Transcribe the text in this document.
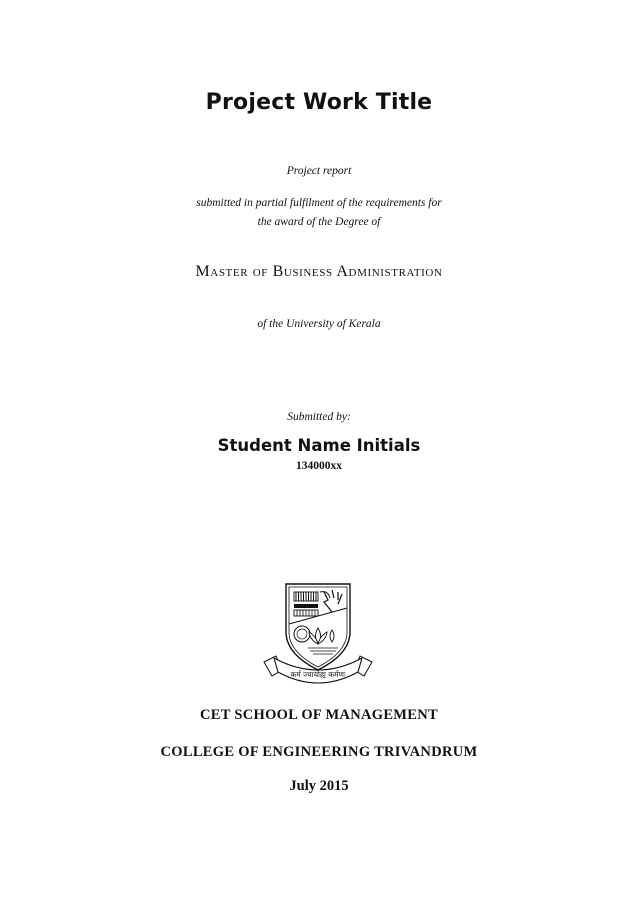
Project Work Title
Project report
submitted in partial fulfilment of the requirements for
the award of the Degree of
Master of Business Administration
of the University of Kerala
Submitted by:
Student Name Initials
134000xx
कर्म ज्यायोह्य कर्मणः
CET SCHOOL OF MANAGEMENT
COLLEGE OF ENGINEERING TRIVANDRUM
July 2015
